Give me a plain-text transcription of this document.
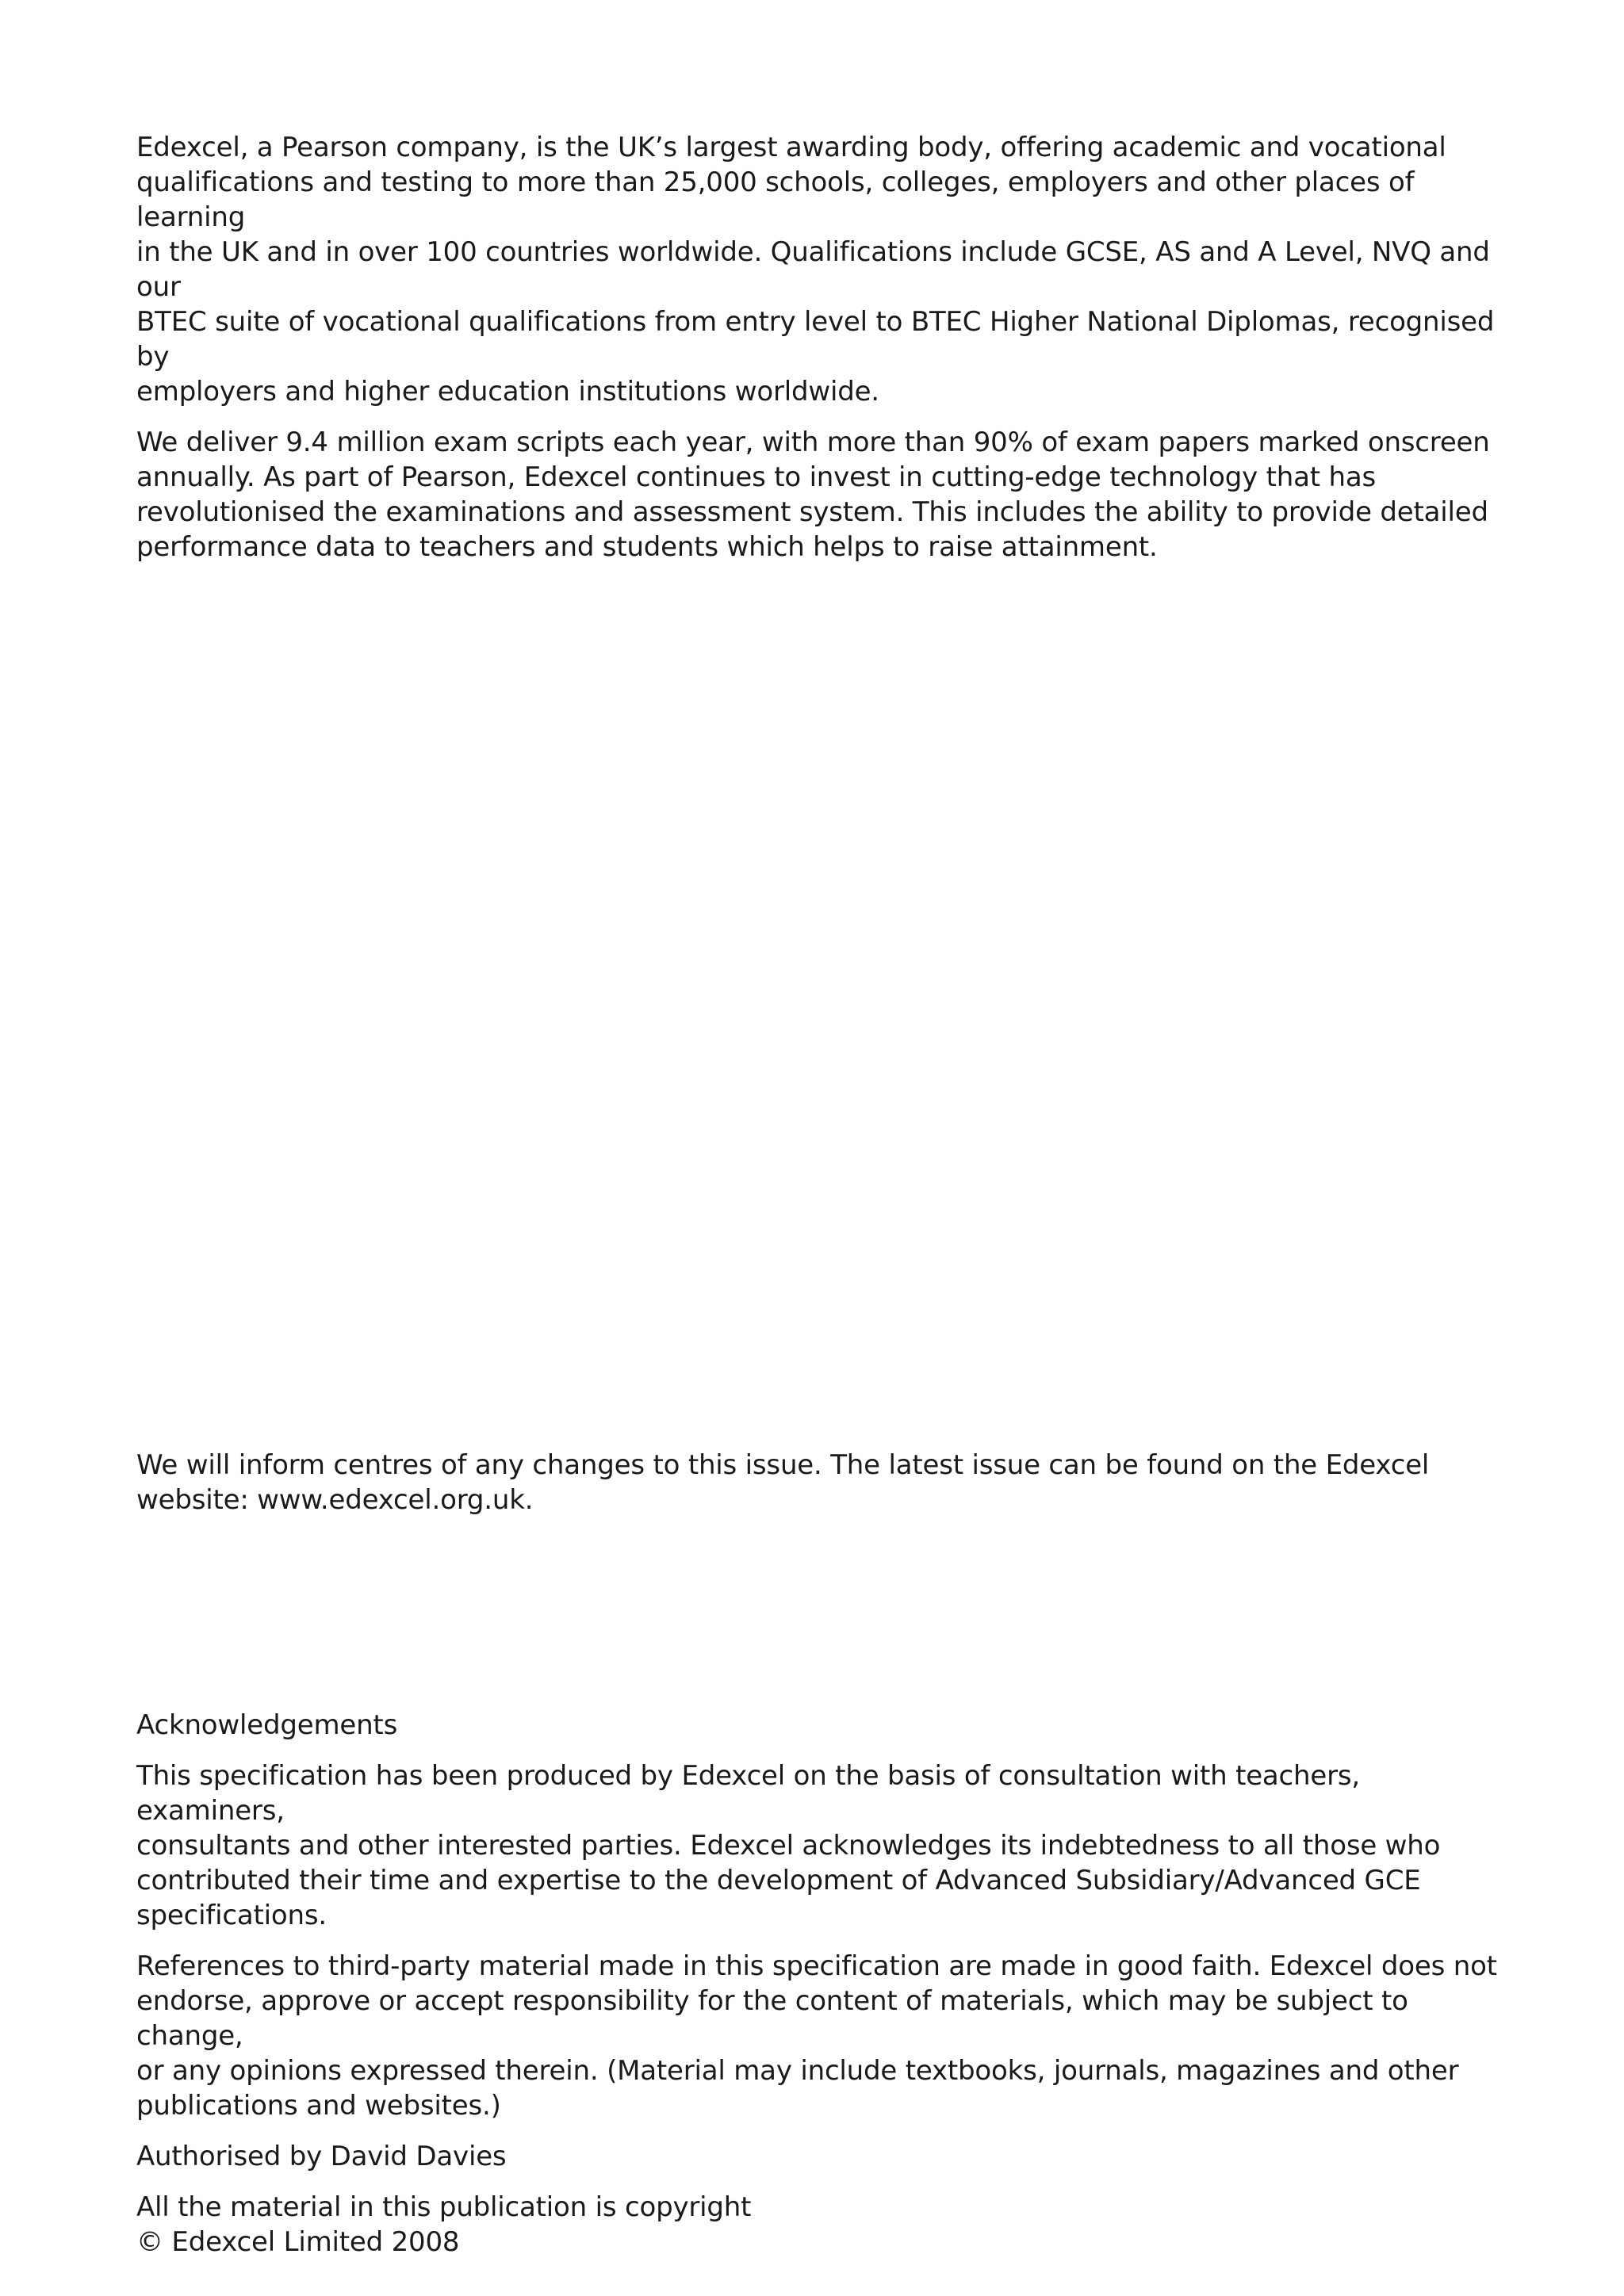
Edexcel, a Pearson company, is the UK’s largest awarding body, offering academic and vocational
qualifications and testing to more than 25,000 schools, colleges, employers and other places of learning
in the UK and in over 100 countries worldwide. Qualifications include GCSE, AS and A Level, NVQ and our
BTEC suite of vocational qualifications from entry level to BTEC Higher National Diplomas, recognised by
employers and higher education institutions worldwide.

We deliver 9.4 million exam scripts each year, with more than 90% of exam papers marked onscreen
annually. As part of Pearson, Edexcel continues to invest in cutting-edge technology that has
revolutionised the examinations and assessment system. This includes the ability to provide detailed
performance data to teachers and students which helps to raise attainment.

We will inform centres of any changes to this issue. The latest issue can be found on the Edexcel
website: www.edexcel.org.uk.

Acknowledgements

This specification has been produced by Edexcel on the basis of consultation with teachers, examiners,
consultants and other interested parties. Edexcel acknowledges its indebtedness to all those who
contributed their time and expertise to the development of Advanced Subsidiary/Advanced GCE
specifications.

References to third-party material made in this specification are made in good faith. Edexcel does not
endorse, approve or accept responsibility for the content of materials, which may be subject to change,
or any opinions expressed therein. (Material may include textbooks, journals, magazines and other
publications and websites.)

Authorised by David Davies

All the material in this publication is copyright
© Edexcel Limited 2008
